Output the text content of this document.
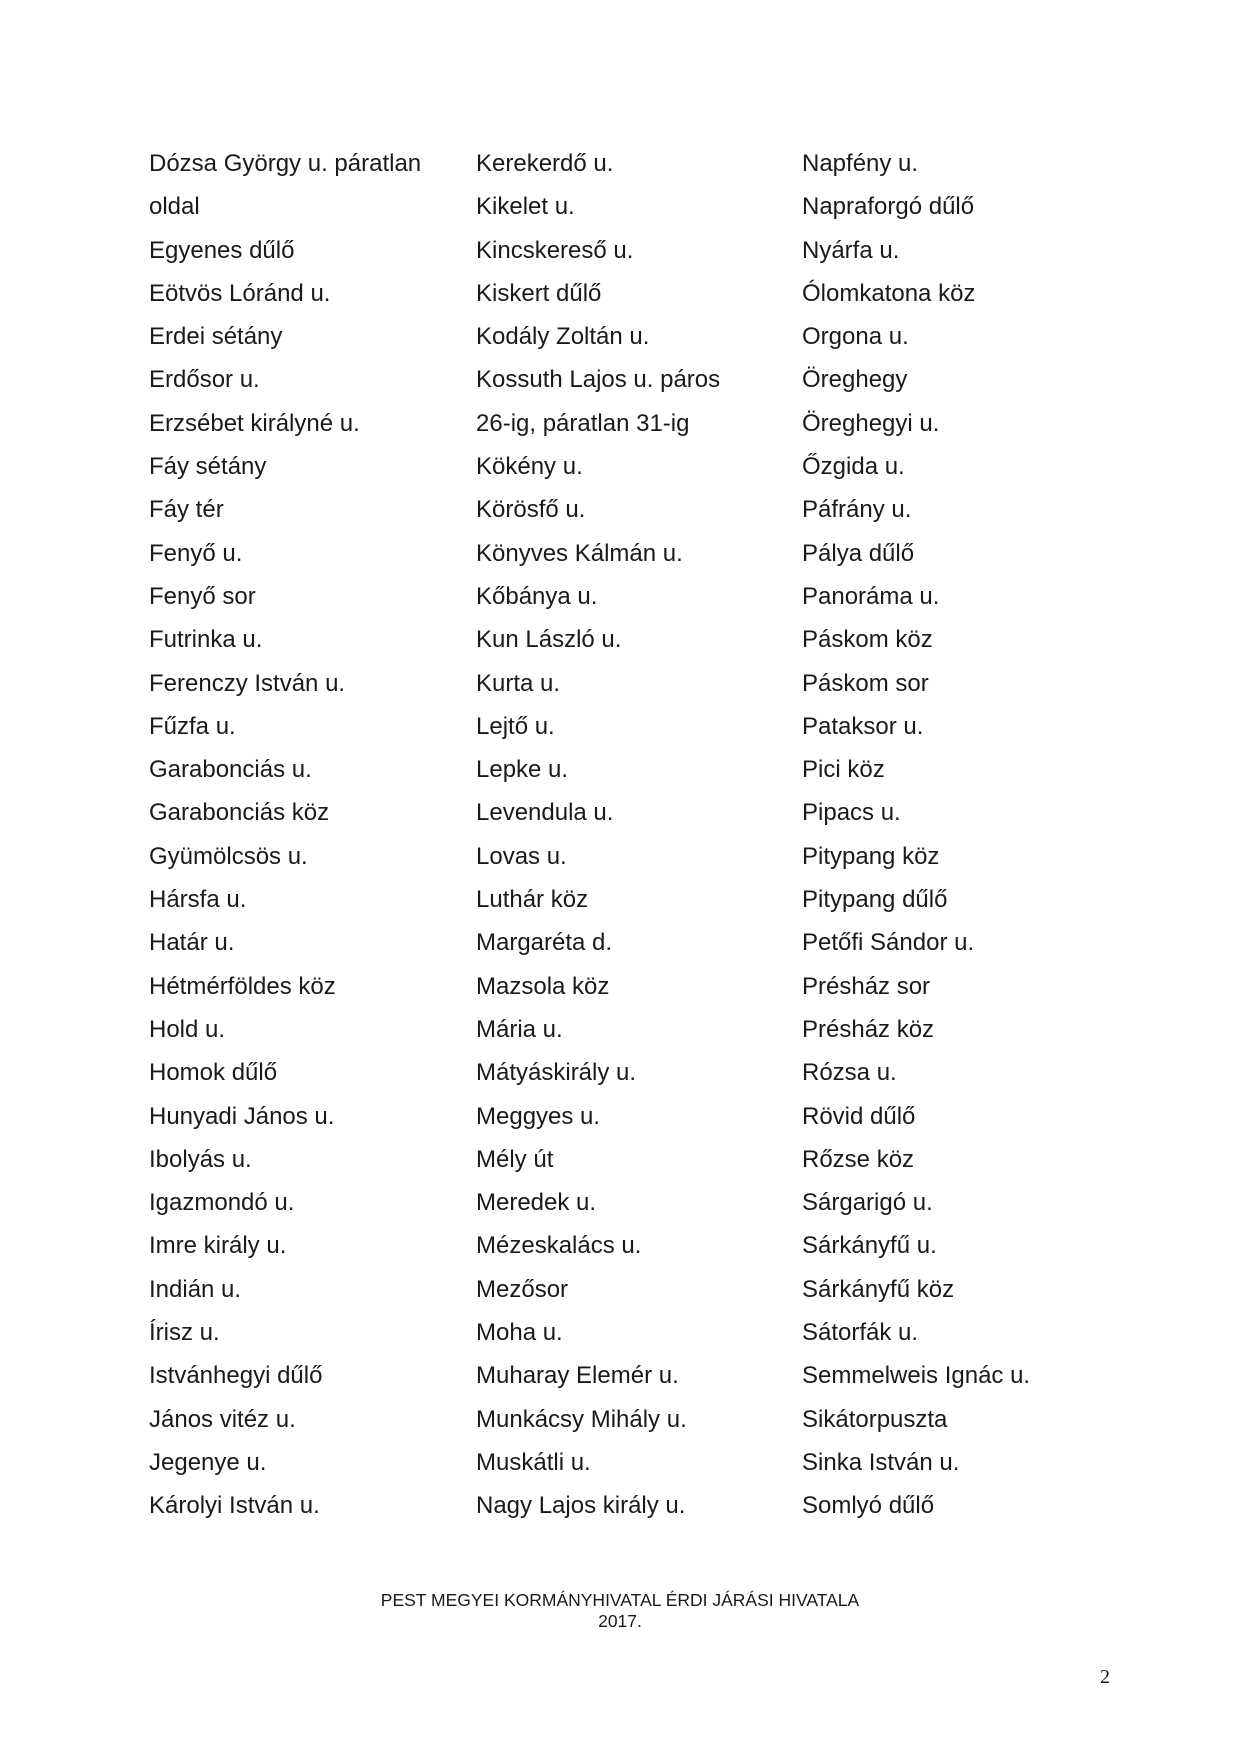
Dózsa György u. páratlan
oldal
Egyenes dűlő
Eötvös Lóránd u.
Erdei sétány
Erdősor u.
Erzsébet királyné u.
Fáy sétány
Fáy tér
Fenyő u.
Fenyő sor
Futrinka u.
Ferenczy István u.
Fűzfa u.
Garabonciás u.
Garabonciás köz
Gyümölcsös u.
Hársfa u.
Határ u.
Hétmérföldes köz
Hold u.
Homok dűlő
Hunyadi János u.
Ibolyás u.
Igazmondó u.
Imre király u.
Indián u.
Írisz u.
Istvánhegyi dűlő
János vitéz u.
Jegenye u.
Károlyi István u.
Kerekerdő u.
Kikelet u.
Kincskereső u.
Kiskert dűlő
Kodály Zoltán u.
Kossuth Lajos u. páros
26-ig, páratlan 31-ig
Kökény u.
Körösfő u.
Könyves Kálmán u.
Kőbánya u.
Kun László u.
Kurta u.
Lejtő u.
Lepke u.
Levendula u.
Lovas u.
Luthár köz
Margaréta d.
Mazsola köz
Mária u.
Mátyáskirály u.
Meggyes u.
Mély út
Meredek u.
Mézeskalács u.
Mezősor
Moha u.
Muharay Elemér u.
Munkácsy Mihály u.
Muskátli u.
Nagy Lajos király u.
Napfény u.
Napraforgó dűlő
Nyárfa u.
Ólomkatona köz
Orgona u.
Öreghegy
Öreghegyi u.
Őzgida u.
Páfrány u.
Pálya dűlő
Panoráma u.
Páskom köz
Páskom sor
Pataksor u.
Pici köz
Pipacs u.
Pitypang köz
Pitypang dűlő
Petőfi Sándor u.
Présház sor
Présház köz
Rózsa u.
Rövid dűlő
Rőzse köz
Sárgarigó u.
Sárkányfű u.
Sárkányfű köz
Sátorfák u.
Semmelweis Ignác u.
Sikátorpuszta
Sinka István u.
Somlyó dűlő
PEST MEGYEI KORMÁNYHIVATAL ÉRDI JÁRÁSI HIVATALA
2017.
2
